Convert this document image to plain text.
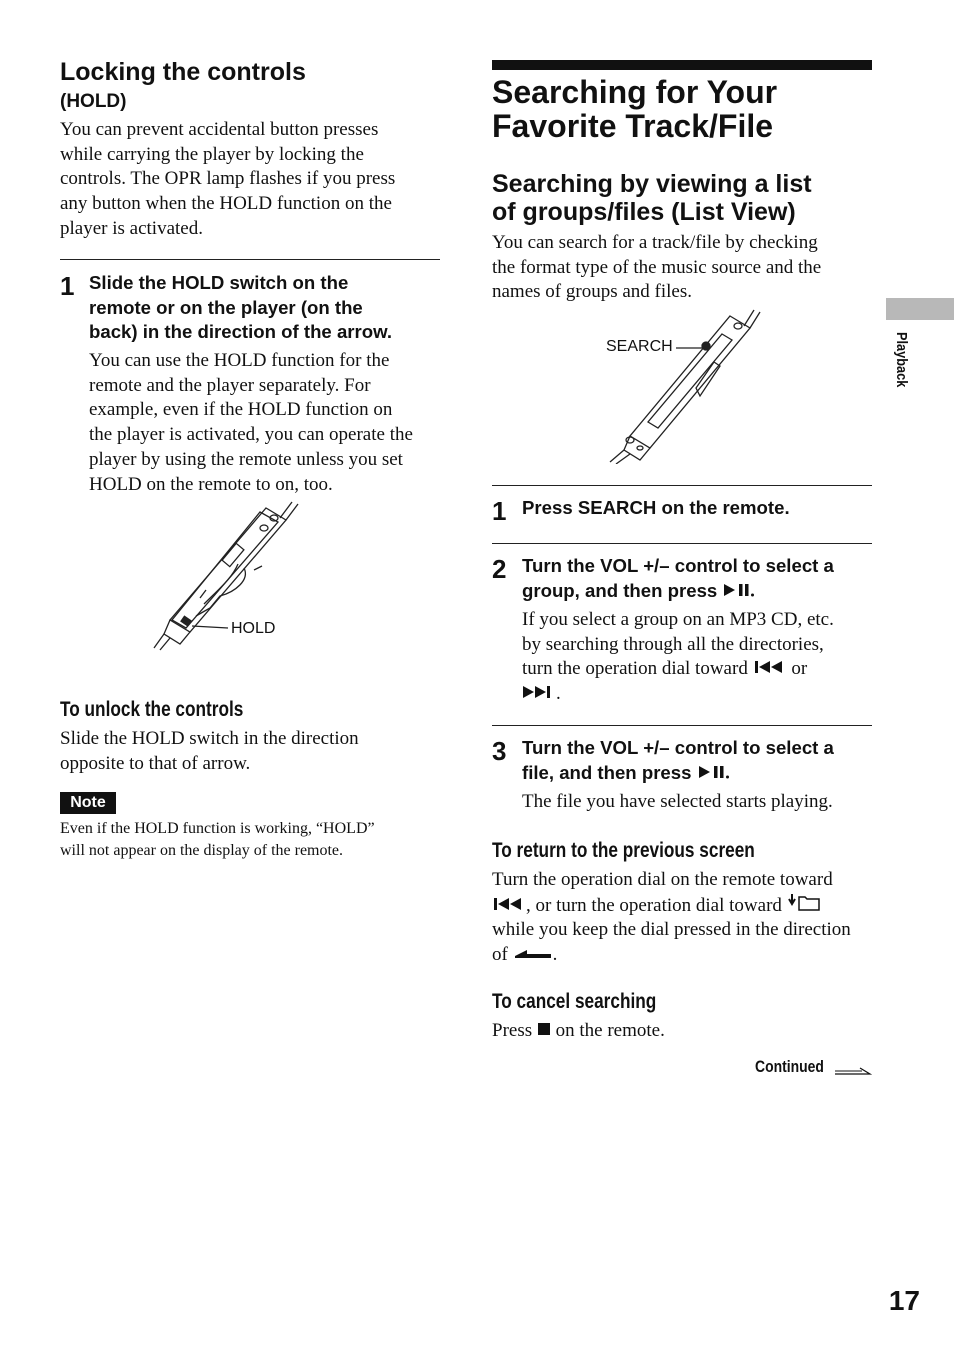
Locking the controls
(HOLD)
You can prevent accidental button presses
while carrying the player by locking the
controls. The OPR lamp flashes if you press
any button when the HOLD function on the
player is activated.
1 Slide the HOLD switch on the
remote or on the player (on the
back) in the direction of the arrow.
You can use the HOLD function for the
remote and the player separately. For
example, even if the HOLD function on
the player is activated, you can operate the
player by using the remote unless you set
HOLD on the remote to on, too.
HOLD
To unlock the controls
Slide the HOLD switch in the direction
opposite to that of arrow.
Note
Even if the HOLD function is working, “HOLD”
will not appear on the display of the remote.
Searching for Your
Favorite Track/File
Searching by viewing a list
of groups/files (List View)
You can search for a track/file by checking
the format type of the music source and the
names of groups and files.
SEARCH
1 Press SEARCH on the remote.
2 Turn the VOL +/– control to select a
group, and then press
If you select a group on an MP3 CD, etc.
by searching through all the directories,
turn the operation dial toward or
.
3 Turn the VOL +/– control to select a
file, and then press
The file you have selected starts playing.
To return to the previous screen
Turn the operation dial on the remote toward
, or turn the operation dial toward
while you keep the dial pressed in the direction
of .
To cancel searching
Press on the remote.
Continued
Playback
17
